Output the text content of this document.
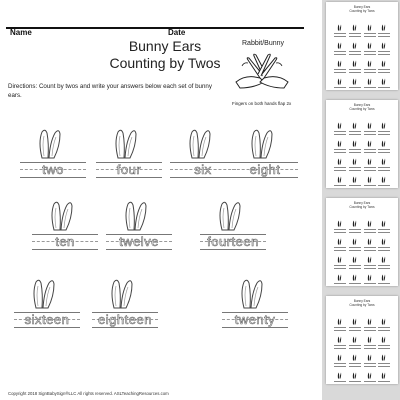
Name	Date
Bunny Ears
Counting by Twos
Rabbit/Bunny
Fingers on both hands flap 2x
Directions: Count by twos and write your answers below each set of bunny ears.
two	four	six	eight
ten	twelve	fourteen
sixteen	eighteen	twenty
Copyright 2018 SignBabySign®LLC All rights reserved. ASLTeachingResources.com
Bunny Ears
Counting by Twos
Bunny Ears
Counting by Twos
Bunny Ears
Counting by Twos
Bunny Ears
Counting by Twos
